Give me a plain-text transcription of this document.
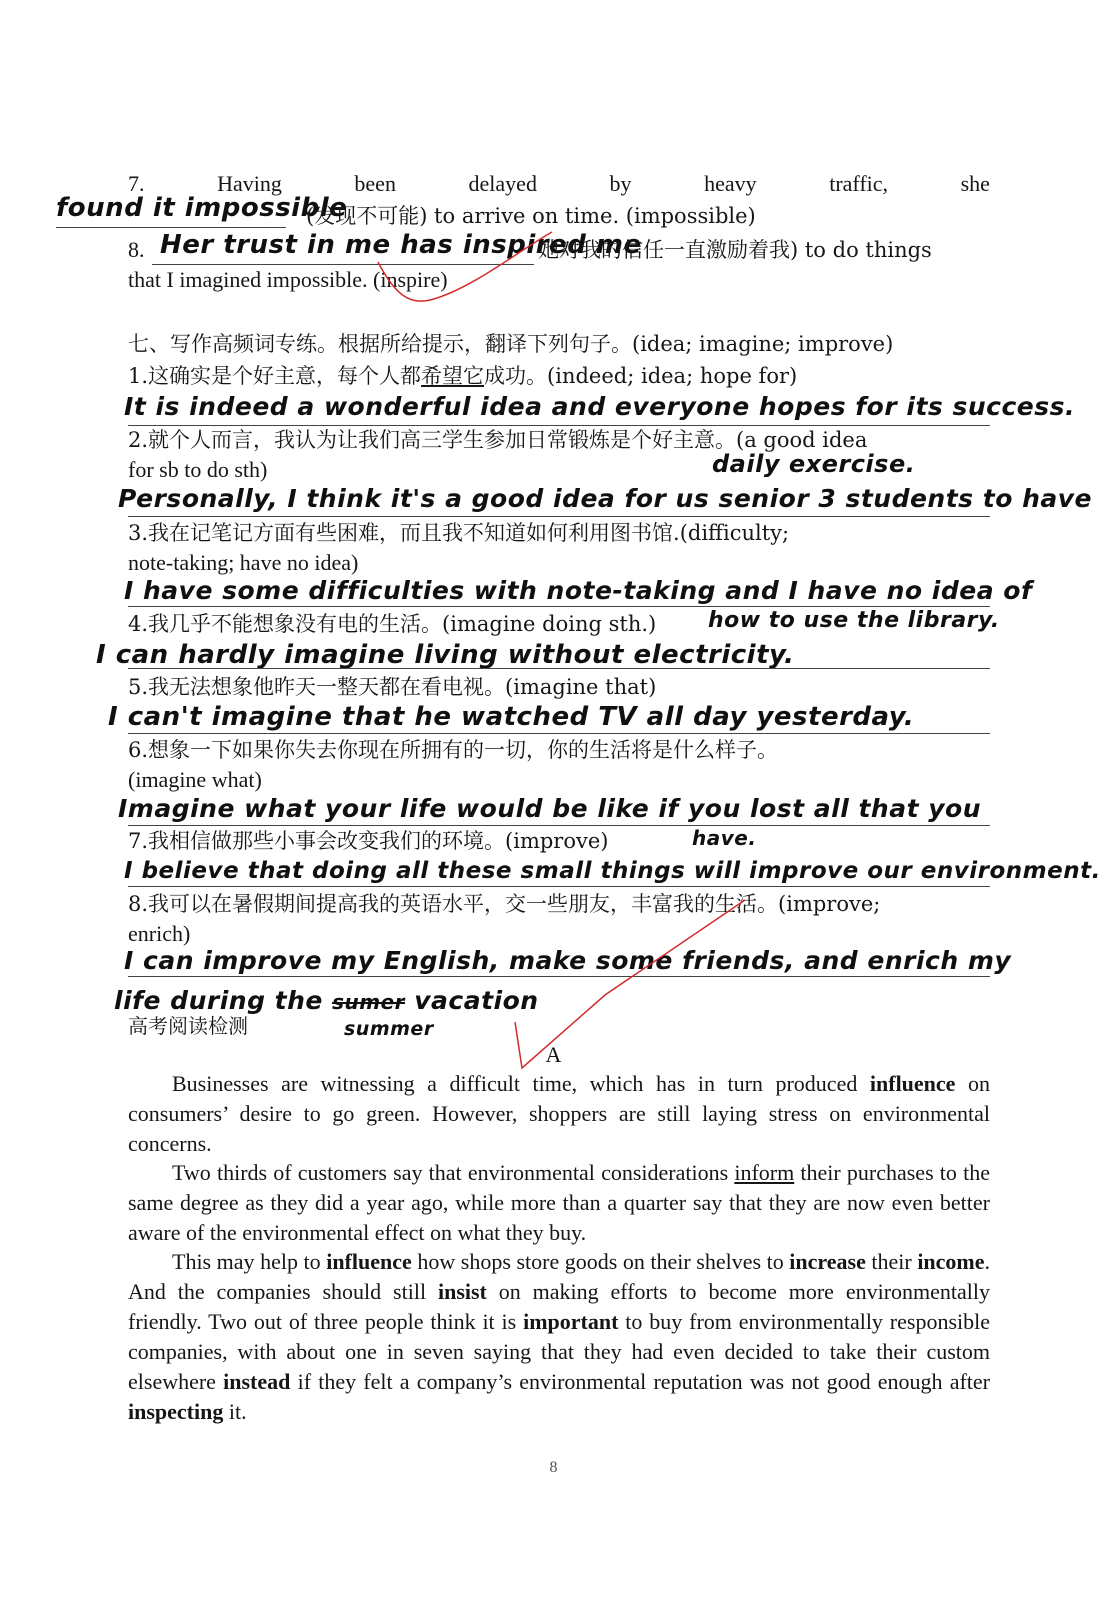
7.	Having	been	delayed	by	heavy	traffic,	she
found it impossible
(发现不可能) to arrive on time. (impossible)
8. Her trust in me has inspired me
她对我的信任一直激励着我) to do things
that I imagined impossible. (inspire)
七、写作高频词专练。根据所给提示，翻译下列句子。(idea; imagine; improve)
1.这确实是个好主意，每个人都希望它成功。(indeed; idea; hope for)
It is indeed a wonderful idea and everyone hopes for its success.
2.就个人而言，我认为让我们高三学生参加日常锻炼是个好主意。(a good idea
for sb to do sth)	daily exercise.
Personally, I think it's a good idea for us senior 3 students to have
3.我在记笔记方面有些困难，而且我不知道如何利用图书馆.(difficulty;
note-taking; have no idea)
I have some difficulties with note-taking and I have no idea of
4.我几乎不能想象没有电的生活。(imagine doing sth.)	how to use the library.
I can hardly imagine living without electricity.
5.我无法想象他昨天一整天都在看电视。(imagine that)
I can't imagine that he watched TV all day yesterday.
6.想象一下如果你失去你现在所拥有的一切，你的生活将是什么样子。
(imagine what)
Imagine what your life would be like if you lost all that you
7.我相信做那些小事会改变我们的环境。(improve)	have.
I believe that doing all these small things will improve our environment.
8.我可以在暑假期间提高我的英语水平，交一些朋友，丰富我的生活。(improve;
enrich)
I can improve my English, make some friends, and enrich my
life during the sumer vacation
summer
高考阅读检测
A

Businesses are witnessing a difficult time, which has in turn produced influence on consumers’ desire to go green. However, shoppers are still laying stress on environmental concerns.

Two thirds of customers say that environmental considerations inform their purchases to the same degree as they did a year ago, while more than a quarter say that they are now even better aware of the environmental effect on what they buy.

This may help to influence how shops store goods on their shelves to increase their income. And the companies should still insist on making efforts to become more environmentally friendly. Two out of three people think it is important to buy from environmentally responsible companies, with about one in seven saying that they had even decided to take their custom elsewhere instead if they felt a company’s environmental reputation was not good enough after inspecting it.

8
